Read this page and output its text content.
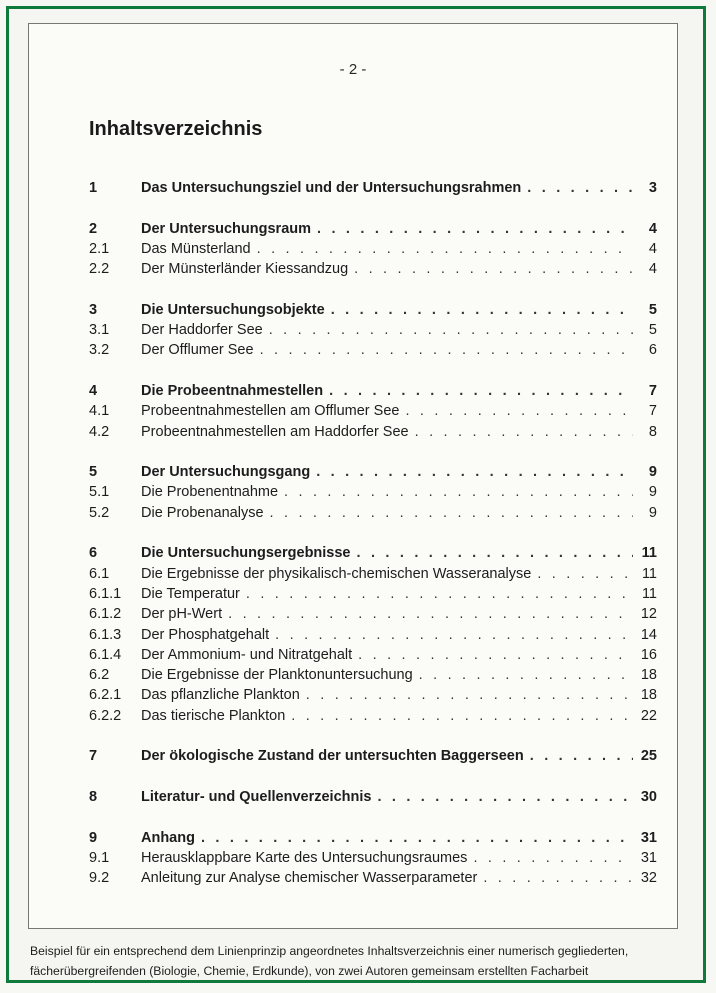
- 2 -
Inhaltsverzeichnis
1	Das Untersuchungsziel und der Untersuchungsrahmen . . .	3
2	Der Untersuchungsraum . . .	4
2.1 Das Münsterland . . .	4
2.2 Der Münsterländer Kiessandzug . . .	4
3	Die Untersuchungsobjekte . . .	5
3.1 Der Haddorfer See . . .	5
3.2 Der Offlumer See . . .	6
4	Die Probeentnahmestellen . . .	7
4.1 Probeentnahmestellen am Offlumer See . . .	7
4.2 Probeentnahmestellen am Haddorfer See . . .	8
5	Der Untersuchungsgang . . .	9
5.1 Die Probenentnahme . . .	9
5.2 Die Probenanalyse . . .	9
6	Die Untersuchungsergebnisse . . .	11
6.1 Die Ergebnisse der physikalisch-chemischen Wasseranalyse . . .	11
6.1.1 Die Temperatur . . .	11
6.1.2 Der pH-Wert . . .	12
6.1.3 Der Phosphatgehalt . . .	14
6.1.4 Der Ammonium- und Nitratgehalt . . .	16
6.2 Die Ergebnisse der Planktonuntersuchung . . .	18
6.2.1 Das pflanzliche Plankton . . .	18
6.2.2 Das tierische Plankton . . .	22
7	Der ökologische Zustand der untersuchten Baggerseen . . .	25
8	Literatur- und Quellenverzeichnis . . .	30
9	Anhang . . .	31
9.1 Herausklappbare Karte des Untersuchungsraumes . . .	31
9.2 Anleitung zur Analyse chemischer Wasserparameter . . .	32

Beispiel für ein entsprechend dem Linienprinzip angeordnetes Inhaltsverzeichnis einer numerisch gegliederten, fächerübergreifenden (Biologie, Chemie, Erdkunde), von zwei Autoren gemeinsam erstellten Facharbeit
